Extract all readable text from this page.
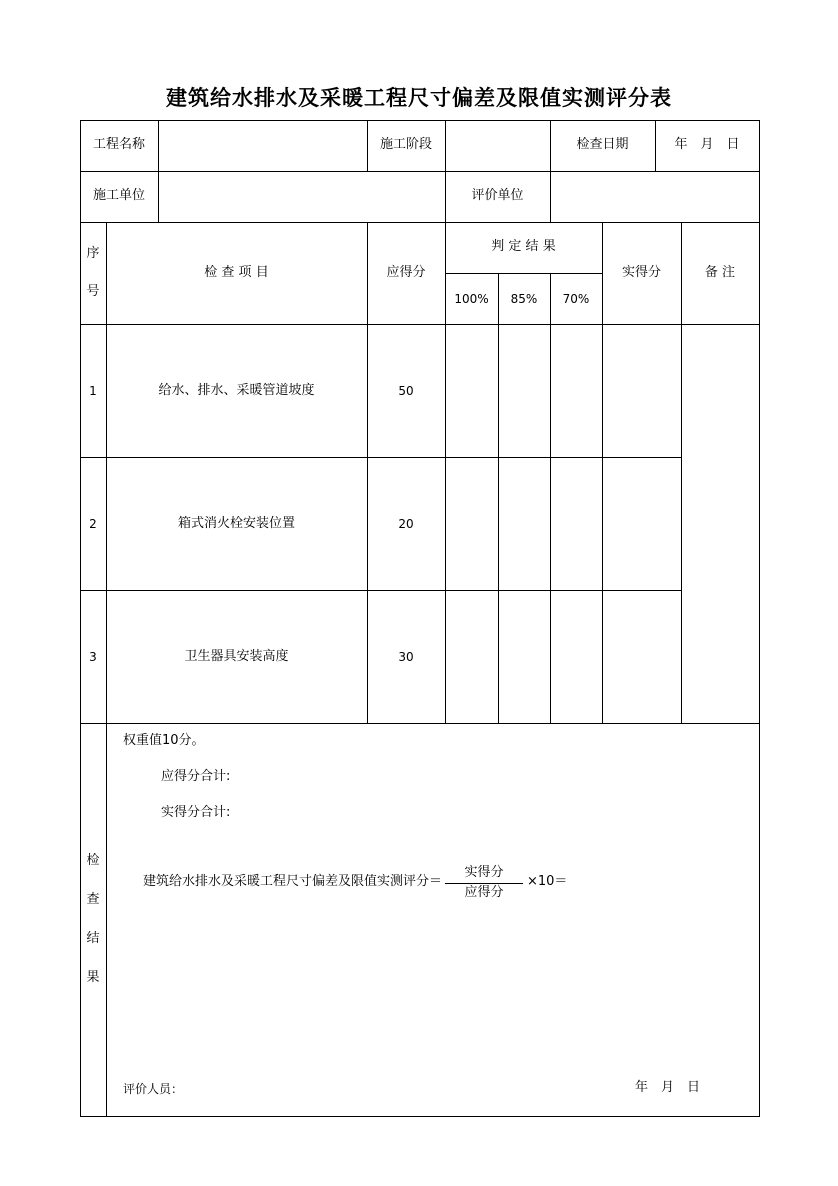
建筑给水排水及采暖工程尺寸偏差及限值实测评分表
工程名称	施工阶段	检查日期	年　月　日
施工单位	评价单位
序
号
检 查 项 目	应得分
判 定 结 果
100%	85%	70%
实得分	备 注
1	给水、排水、采暖管道坡度	50
2	箱式消火栓安装位置	20
3	卫生器具安装高度	30
检
查
结
果
权重值10分。
应得分合计:
实得分合计:
建筑给水排水及采暖工程尺寸偏差及限值实测评分＝
实得分
应得分
×10＝
评价人员：	年　月　日
